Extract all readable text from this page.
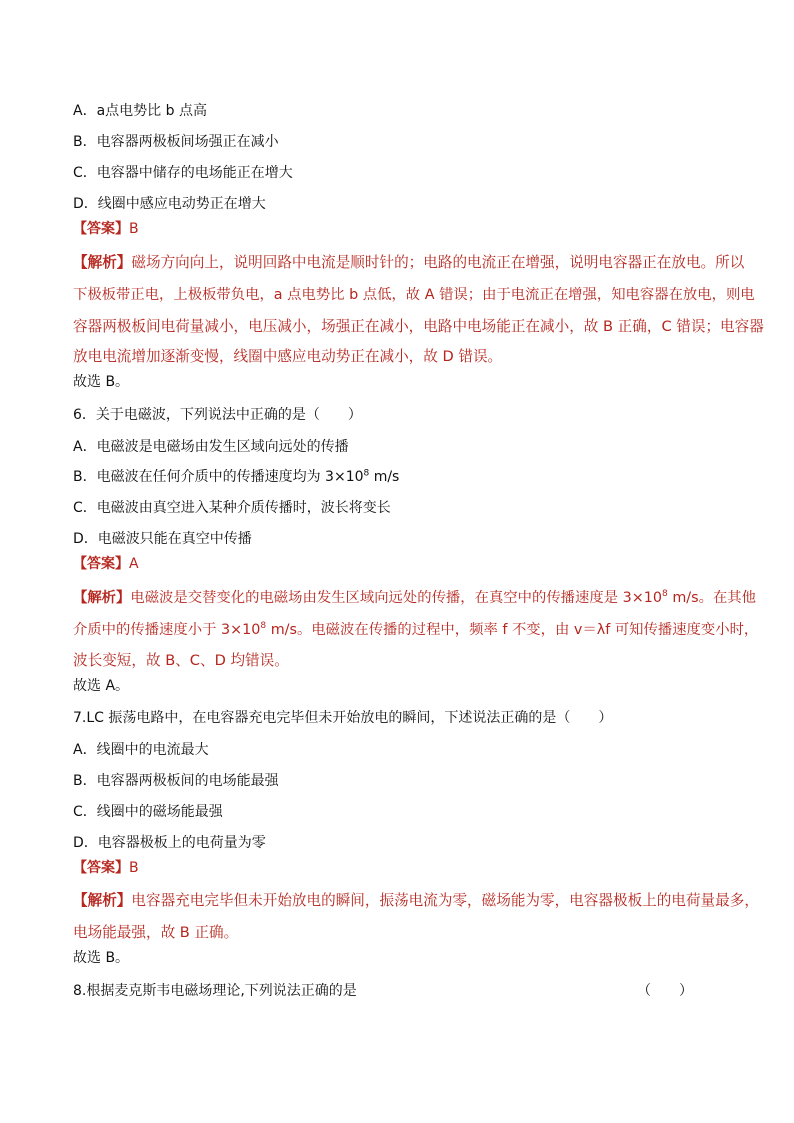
A．a点电势比 b 点高
B．电容器两极板间场强正在减小
C．电容器中储存的电场能正在增大
D．线圈中感应电动势正在增大
【答案】B
【解析】磁场方向向上，说明回路中电流是顺时针的；电路的电流正在增强，说明电容器正在放电。所以
下极板带正电，上极板带负电，a 点电势比 b 点低，故 A 错误；由于电流正在增强，知电容器在放电，则电
容器两极板间电荷量减小，电压减小，场强正在减小，电路中电场能正在减小，故 B 正确，C 错误；电容器
放电电流增加逐渐变慢，线圈中感应电动势正在减小，故 D 错误。
故选 B。
6．关于电磁波，下列说法中正确的是（　　）
A．电磁波是电磁场由发生区域向远处的传播
B．电磁波在任何介质中的传播速度均为 $3\times 10^8$ m/s
C．电磁波由真空进入某种介质传播时，波长将变长
D．电磁波只能在真空中传播
【答案】A
【解析】电磁波是交替变化的电磁场由发生区域向远处的传播，在真空中的传播速度是 $3\times 10^8$ m/s。在其他
介质中的传播速度小于 $3\times 10^8$ m/s。电磁波在传播的过程中，频率 f 不变，由 v＝λf 可知传播速度变小时，
波长变短，故 B、C、D 均错误。
故选 A。
7.LC 振荡电路中，在电容器充电完毕但未开始放电的瞬间，下述说法正确的是（　　）
A．线圈中的电流最大
B．电容器两极板间的电场能最强
C．线圈中的磁场能最强
D．电容器极板上的电荷量为零
【答案】B
【解析】电容器充电完毕但未开始放电的瞬间，振荡电流为零，磁场能为零，电容器极板上的电荷量最多，
电场能最强，故 B 正确。
故选 B。
8.根据麦克斯韦电磁场理论,下列说法正确的是	（　　）
